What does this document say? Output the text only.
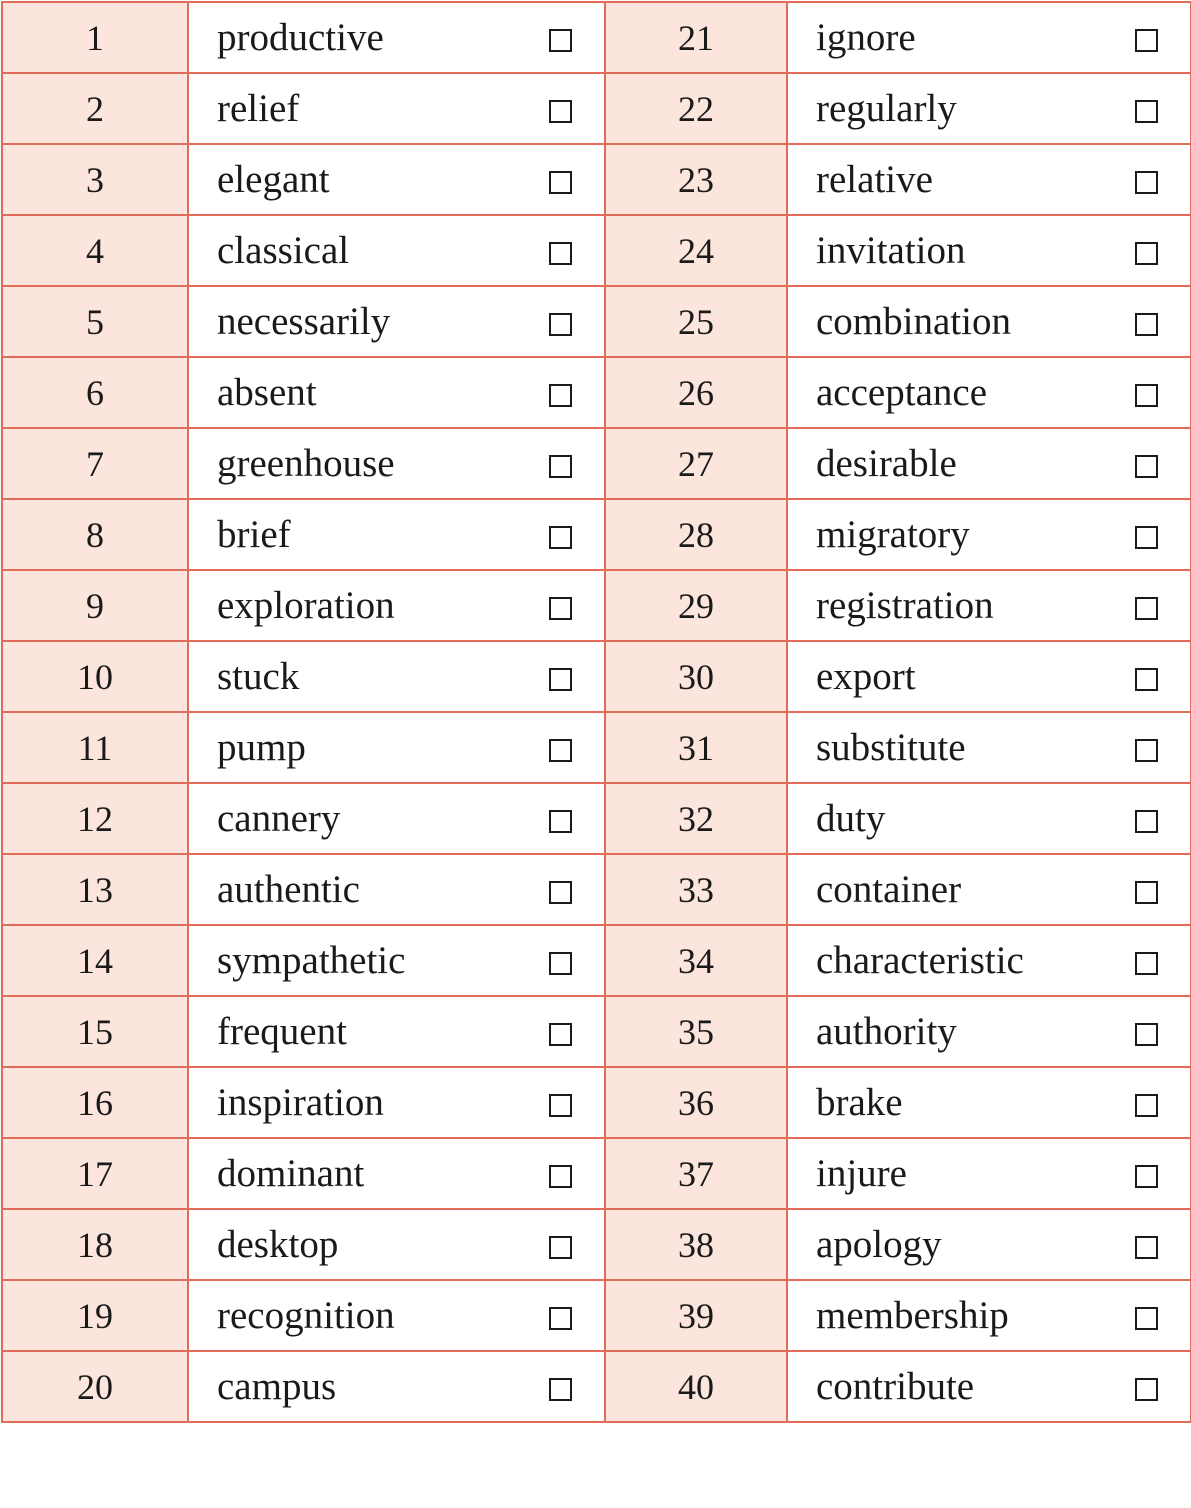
1	productive	21	ignore

2	relief	22	regularly

3	elegant	23	relative

4	classical	24	invitation

5	necessarily	25	combination

6	absent	26	acceptance

7	greenhouse	27	desirable

8	brief	28	migratory

9	exploration	29	registration

10	stuck	30	export

11	pump	31	substitute

12	cannery	32	duty

13	authentic	33	container

14	sympathetic	34	characteristic

15	frequent	35	authority

16	inspiration	36	brake

17	dominant	37	injure

18	desktop	38	apology

19	recognition	39	membership

20	campus	40	contribute
